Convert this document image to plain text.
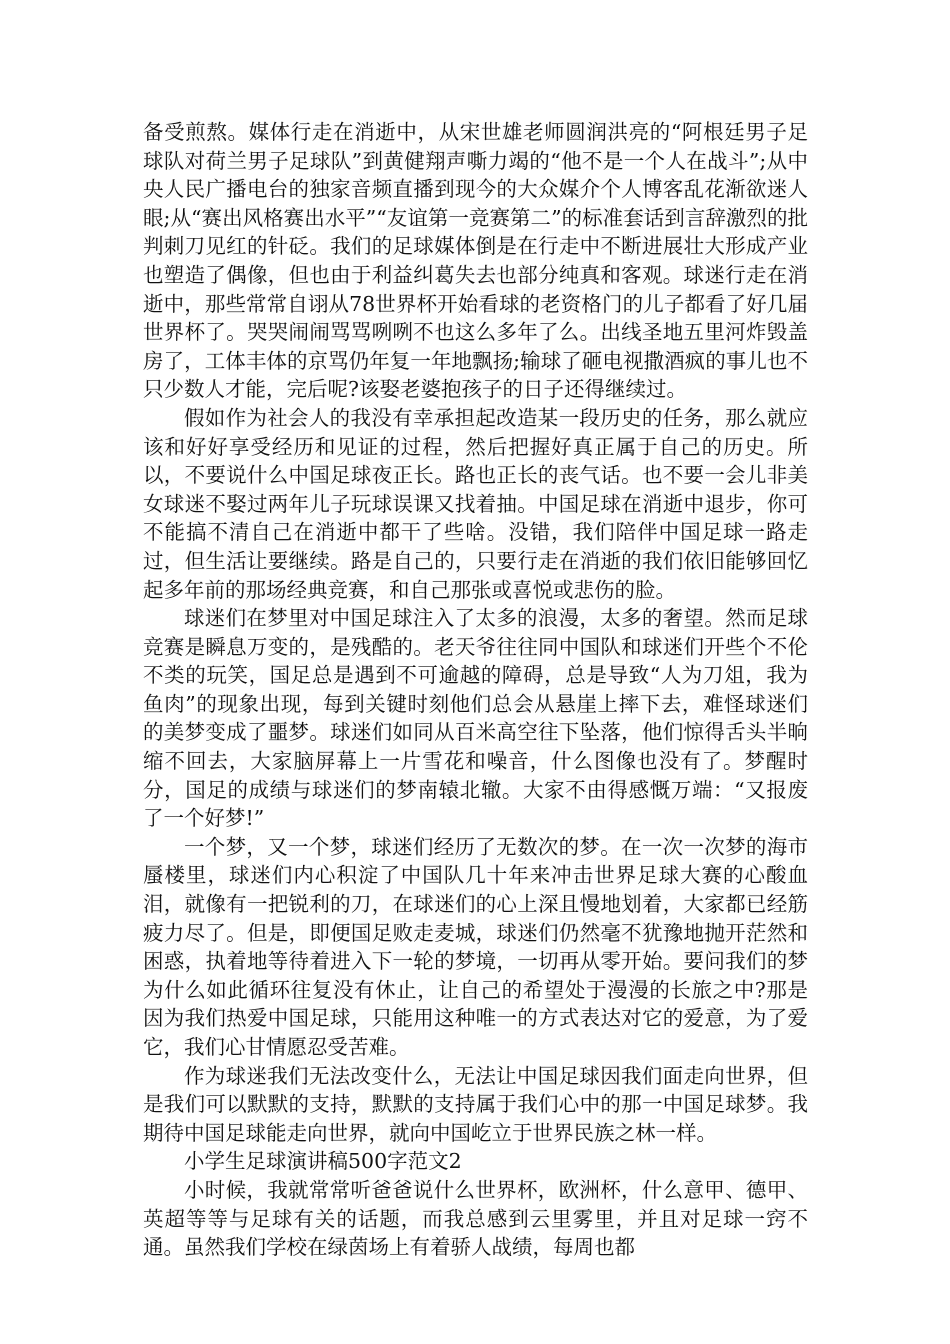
备受煎熬。媒体行走在消逝中，从宋世雄老师圆润洪亮的“阿根廷男子足球队对荷兰男子足球队”到黄健翔声嘶力竭的“他不是一个人在战斗”;从中央人民广播电台的独家音频直播到现今的大众媒介个人博客乱花渐欲迷人眼;从“赛出风格赛出水平”“友谊第一竞赛第二”的标准套话到言辞激烈的批判刺刀见红的针砭。我们的足球媒体倒是在行走中不断进展壮大形成产业也塑造了偶像，但也由于利益纠葛失去也部分纯真和客观。球迷行走在消逝中，那些常常自诩从78世界杯开始看球的老资格门的儿子都看了好几届世界杯了。哭哭闹闹骂骂咧咧不也这么多年了么。出线圣地五里河炸毁盖房了，工体丰体的京骂仍年复一年地飘扬;输球了砸电视撒酒疯的事儿也不只少数人才能，完后呢?该娶老婆抱孩子的日子还得继续过。

假如作为社会人的我没有幸承担起改造某一段历史的任务，那么就应该和好好享受经历和见证的过程，然后把握好真正属于自己的历史。所以，不要说什么中国足球夜正长。路也正长的丧气话。也不要一会儿非美女球迷不娶过两年儿子玩球误课又找着抽。中国足球在消逝中退步，你可不能搞不清自己在消逝中都干了些啥。没错，我们陪伴中国足球一路走过，但生活让要继续。路是自己的，只要行走在消逝的我们依旧能够回忆起多年前的那场经典竞赛，和自己那张或喜悦或悲伤的脸。

球迷们在梦里对中国足球注入了太多的浪漫，太多的奢望。然而足球竞赛是瞬息万变的，是残酷的。老天爷往往同中国队和球迷们开些个不伦不类的玩笑，国足总是遇到不可逾越的障碍，总是导致“人为刀俎，我为鱼肉”的现象出现，每到关键时刻他们总会从悬崖上摔下去，难怪球迷们的美梦变成了噩梦。球迷们如同从百米高空往下坠落，他们惊得舌头半晌缩不回去，大家脑屏幕上一片雪花和噪音，什么图像也没有了。梦醒时分，国足的成绩与球迷们的梦南辕北辙。大家不由得感慨万端：“又报废了一个好梦!”

一个梦，又一个梦，球迷们经历了无数次的梦。在一次一次梦的海市蜃楼里，球迷们内心积淀了中国队几十年来冲击世界足球大赛的心酸血泪，就像有一把锐利的刀，在球迷们的心上深且慢地划着，大家都已经筋疲力尽了。但是，即便国足败走麦城，球迷们仍然毫不犹豫地抛开茫然和困惑，执着地等待着进入下一轮的梦境，一切再从零开始。要问我们的梦为什么如此循环往复没有休止，让自己的希望处于漫漫的长旅之中?那是因为我们热爱中国足球，只能用这种唯一的方式表达对它的爱意，为了爱它，我们心甘情愿忍受苦难。

作为球迷我们无法改变什么，无法让中国足球因我们面走向世界，但是我们可以默默的支持，默默的支持属于我们心中的那一中国足球梦。我期待中国足球能走向世界，就向中国屹立于世界民族之林一样。

小学生足球演讲稿500字范文2

小时候，我就常常听爸爸说什么世界杯，欧洲杯，什么意甲、德甲、英超等等与足球有关的话题，而我总感到云里雾里，并且对足球一窍不通。虽然我们学校在绿茵场上有着骄人战绩，每周也都
